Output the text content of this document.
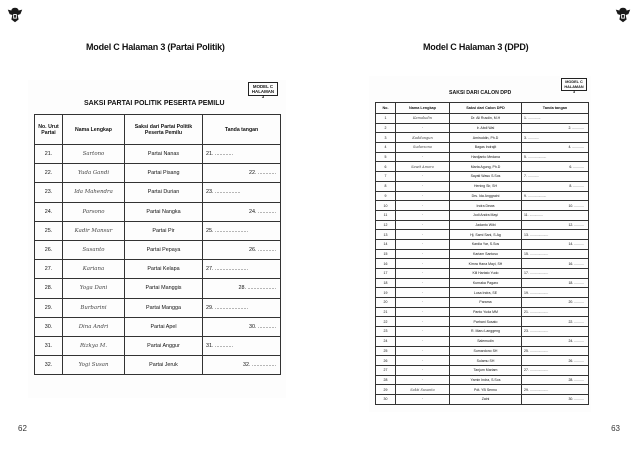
Model C Halaman 3 (Partai Politik)
MODEL C
HALAMAN 3
SAKSI PARTAI POLITIK PESERTA PEMILU
No. Urut Partai	Nama Lengkap	Saksi dari Partai Politik Peserta Pemilu	Tanda tangan
21.	Sartono	Partai Nanas	21. ............
22.	Yuda Gandi	Partai Pisang	22. ............
23.	Ida Mahendra	Partai Durian	23. .................
24.	Parsono	Partai Nangka	24. ............
25.	Kadir Mansur	Partai Pir	25. ......................
26.	Susanto	Partai Pepaya	26. ............
27.	Kariana	Partai Kelapa	27. ......................
28.	Yoga Dani	Partai Manggis	28. ...................
29.	Burbarini	Partai Mangga	29. ......................
30.	Dina Andri	Partai Apel	30. ............
31.	Rizkya M.	Partai Anggur	31. ............
32.	Yogi Susan	Partai Jeruk	32. ................
62
Model C Halaman 3 (DPD)
MODEL C
HALAMAN 3
SAKSI DARI CALON DPD
No.	Nama Lengkap	Saksi dari Calon DPD	Tanda tangan
1	Kamaludin	Dr. Ali Rusdin, M.H	1. .............
2	-	Ir. Abdi Wal	2. ............
3	Kaddungun	Amiruddin, Ph.D	3. ...........
4	Sudarsono	Bagas Indrajit	4. ............
5	-	Hardjanto Medana	5. ...................
6	Sawit Amoro	Marta Agung, Ph.D	6. ...........
7	-	Sayati Wasu S.Sos	7. ...........
8	-	Hening Sir, SH	8. ...........
9	-	Drs. Ida Anggraini	9. ...................
10	-	Indra Dewa	10. ..........
11	-	Jodi Andra Mayi	11. ..............
12	-	Jadanto Wibi	12. ..........
13	-	Hj. Sami Sani, S.Ag	13. ...................
14	-	Kardia Yar, S.Sos	14. ..........
15	-	Kariam Santoso	15. ...................
16	-	Kimra Hana Mayi, SH	16. ..........
17	-	Kill Hartato Yudo	17. ...................
18	-	Kurnaka Pagaro	18. ..........
19	-	Lusa Indra, SE	19. ...................
20	-	Parama	20. ..........
21	-	Panto Yuda MM	21. ...................
22	-	Parhani Susato	22. ..........
23	-	R. Maru Langgeng	23. ...................
24	-	Salemudin	24. ..........
25	-	Sumardono SH	25. ...................
26	-	Sulamu SH	26. ..........
27	-	Tanjum Mariam	27. ...................
28	-	Yamin Indra, S.Sos	28. ..........
29	Sakti Susanto	Pdt. YB Senno	29. ...................
30	-	Zaini	30. ..........
63
